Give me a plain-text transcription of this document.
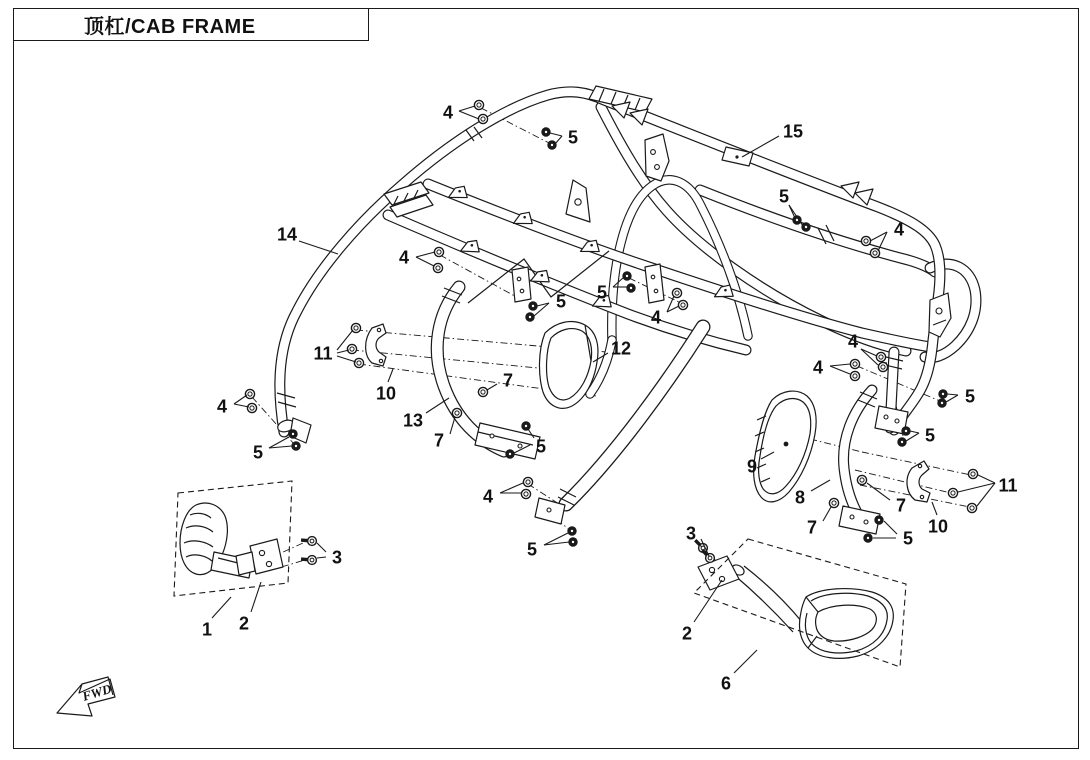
FWD
4
5	15
5
4
14
4
5
4
12
5
11
10
13
7
7	5
4
5
4
4
5
5
9
8	7
7	10
11
5
1 2
3
4
5
3
2
6
顶杠/CAB FRAME
